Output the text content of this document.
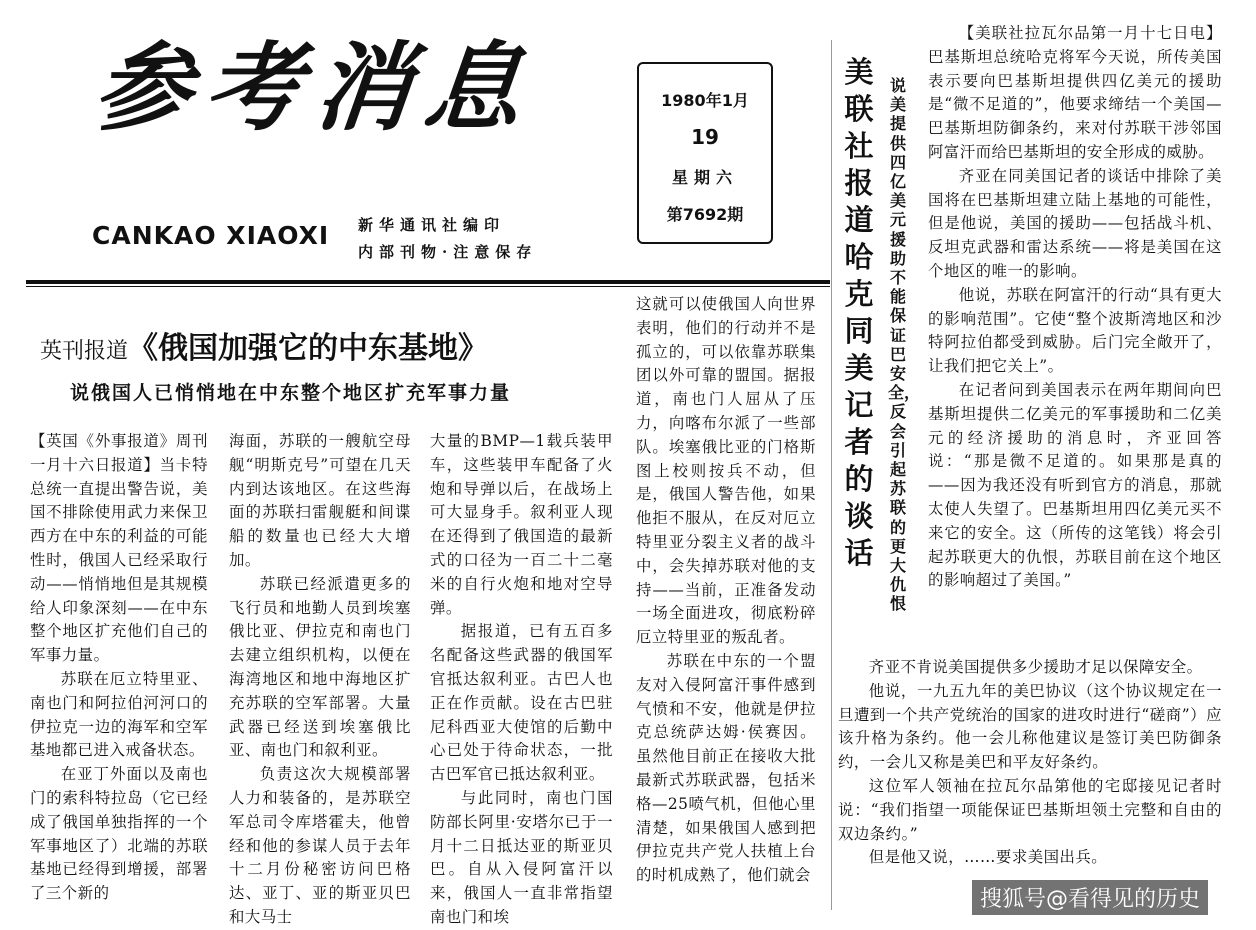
参考消息
CANKAO XIAOXI 新华通讯社编印
内部刊物·注意保存
1980年1月
19
星期六
第7692期
英刊报道《俄国加强它的中东基地》
说俄国人已悄悄地在中东整个地区扩充军事力量

【英国《外事报道》周刊一月十六日报道】当卡特总统一直提出警告说，美国不排除使用武力来保卫西方在中东的利益的可能性时，俄国人已经采取行动——悄悄地但是其规模给人印象深刻——在中东整个地区扩充他们自己的军事力量。

苏联在厄立特里亚、南也门和阿拉伯河河口的伊拉克一边的海军和空军基地都已进入戒备状态。

在亚丁外面以及南也门的索科特拉岛（它已经成了俄国单独指挥的一个军事地区了）北端的苏联基地已经得到增援，部署了三个新的

海面，苏联的一艘航空母舰“明斯克号”可望在几天内到达该地区。在这些海面的苏联扫雷舰艇和间谍船的数量也已经大大增加。

苏联已经派遣更多的飞行员和地勤人员到埃塞俄比亚、伊拉克和南也门去建立组织机构，以便在海湾地区和地中海地区扩充苏联的空军部署。大量武器已经送到埃塞俄比亚、南也门和叙利亚。

负责这次大规模部署人力和装备的，是苏联空军总司令库塔霍夫，他曾经和他的参谋人员于去年十二月份秘密访问巴格达、亚丁、亚的斯亚贝巴和大马士

大量的BMP—1载兵装甲车，这些装甲车配备了火炮和导弹以后，在战场上可大显身手。叙利亚人现在还得到了俄国造的最新式的口径为一百二十二毫米的自行火炮和地对空导弹。

据报道，已有五百多名配备这些武器的俄国军官抵达叙利亚。古巴人也正在作贡献。设在古巴驻尼科西亚大使馆的后勤中心已处于待命状态，一批古巴军官已抵达叙利亚。

与此同时，南也门国防部长阿里·安塔尔已于一月十二日抵达亚的斯亚贝巴。自从入侵阿富汗以来，俄国人一直非常指望南也门和埃

这就可以使俄国人向世界表明，他们的行动并不是孤立的，可以依靠苏联集团以外可靠的盟国。据报道，南也门人屈从了压力，向喀布尔派了一些部队。埃塞俄比亚的门格斯图上校则按兵不动，但是，俄国人警告他，如果他拒不服从，在反对厄立特里亚分裂主义者的战斗中，会失掉苏联对他的支持——当前，正准备发动一场全面进攻，彻底粉碎厄立特里亚的叛乱者。

苏联在中东的一个盟友对入侵阿富汗事件感到气愤和不安，他就是伊拉克总统萨达姆·侯赛因。虽然他目前正在接收大批最新式苏联武器，包括米格—25喷气机，但他心里清楚，如果俄国人感到把伊拉克共产党人扶植上台的时机成熟了，他们就会

美联社报道哈克同美记者的谈话
说美提供四亿美元援助不能保证巴安全，反会引起苏联的更大仇恨

【美联社拉瓦尔品第一月十七日电】巴基斯坦总统哈克将军今天说，所传美国表示要向巴基斯坦提供四亿美元的援助是“微不足道的”，他要求缔结一个美国—巴基斯坦防御条约，来对付苏联干涉邻国阿富汗而给巴基斯坦的安全形成的威胁。

齐亚在同美国记者的谈话中排除了美国将在巴基斯坦建立陆上基地的可能性，但是他说，美国的援助——包括战斗机、反坦克武器和雷达系统——将是美国在这个地区的唯一的影响。

他说，苏联在阿富汗的行动“具有更大的影响范围”。它使“整个波斯湾地区和沙特阿拉伯都受到威胁。后门完全敞开了，让我们把它关上”。

在记者问到美国表示在两年期间向巴基斯坦提供二亿美元的军事援助和二亿美元的经济援助的消息时，齐亚回答说：“那是微不足道的。如果那是真的——因为我还没有听到官方的消息，那就太使人失望了。巴基斯坦用四亿美元买不来它的安全。这（所传的这笔钱）将会引起苏联更大的仇恨，苏联目前在这个地区的影响超过了美国。”

齐亚不肯说美国提供多少援助才足以保障安全。

他说，一九五九年的美巴协议（这个协议规定在一旦遭到一个共产党统治的国家的进攻时进行“磋商”）应该升格为条约。他一会儿称他建议是签订美巴防御条约，一会儿又称是美巴和平友好条约。

这位军人领袖在拉瓦尔品第他的宅邸接见记者时说：“我们指望一项能保证巴基斯坦领土完整和自由的双边条约。”

但是他又说，……要求美国出兵。

搜狐号@看得见的历史
